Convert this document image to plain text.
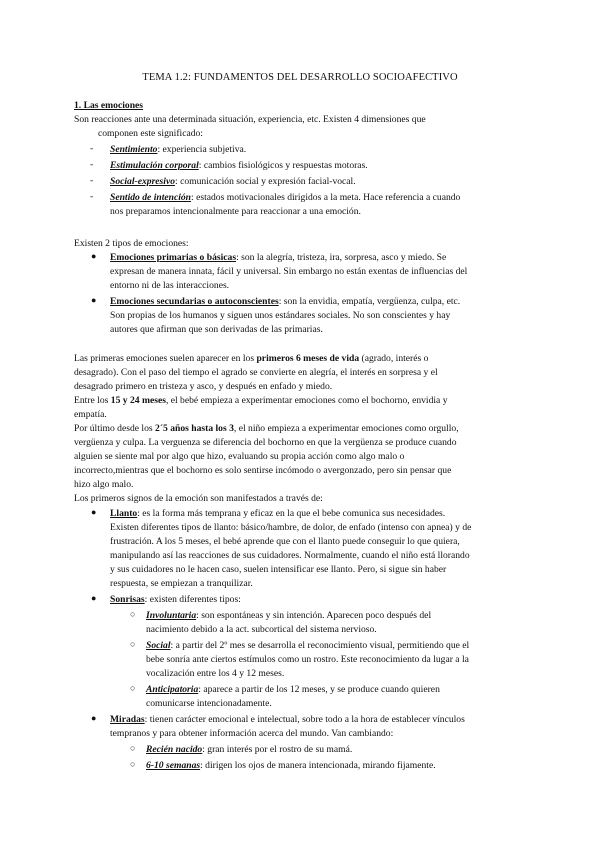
TEMA 1.2: FUNDAMENTOS DEL DESARROLLO SOCIOAFECTIVO
1. Las emociones
Son reacciones ante una determinada situación, experiencia, etc. Existen 4 dimensiones que
componen este significado:
- Sentimiento: experiencia subjetiva.
- Estimulación corporal: cambios fisiológicos y respuestas motoras.
- Social-expresivo: comunicación social y expresión facial-vocal.
- Sentido de intención: estados motivacionales dirigidos a la meta. Hace referencia a cuando
nos preparamos intencionalmente para reaccionar a una emoción.
Existen 2 tipos de emociones:
● Emociones primarias o básicas: son la alegría, tristeza, ira, sorpresa, asco y miedo. Se
expresan de manera innata, fácil y universal. Sin embargo no están exentas de influencias del
entorno ni de las interacciones.
● Emociones secundarias o autoconscientes: son la envidia, empatía, vergüenza, culpa, etc.
Son propias de los humanos y siguen unos estándares sociales. No son conscientes y hay
autores que afirman que son derivadas de las primarias.
Las primeras emociones suelen aparecer en los primeros 6 meses de vida (agrado, interés o
desagrado). Con el paso del tiempo el agrado se convierte en alegría, el interés en sorpresa y el
desagrado primero en tristeza y asco, y después en enfado y miedo.
Entre los 15 y 24 meses, el bebé empieza a experimentar emociones como el bochorno, envidia y
empatía.
Por último desde los 2´5 años hasta los 3, el niño empieza a experimentar emociones como orgullo,
vergüenza y culpa. La verguenza se diferencia del bochorno en que la vergüenza se produce cuando
alguien se siente mal por algo que hizo, evaluando su propia acción como algo malo o
incorrecto,mientras que el bochorno es solo sentirse incómodo o avergonzado, pero sin pensar que
hizo algo malo.
Los primeros signos de la emoción son manifestados a través de:
● Llanto: es la forma más temprana y eficaz en la que el bebe comunica sus necesidades.
Existen diferentes tipos de llanto: básico/hambre, de dolor, de enfado (intenso con apnea) y de
frustración. A los 5 meses, el bebé aprende que con el llanto puede conseguir lo que quiera,
manipulando así las reacciones de sus cuidadores. Normalmente, cuando el niño está llorando
y sus cuidadores no le hacen caso, suelen intensificar ese llanto. Pero, si sigue sin haber
respuesta, se empiezan a tranquilizar.
● Sonrisas: existen diferentes tipos:
○ Involuntaria: son espontáneas y sin intención. Aparecen poco después del
nacimiento debido a la act. subcortical del sistema nervioso.
○ Social: a partir del 2º mes se desarrolla el reconocimiento visual, permitiendo que el
bebe sonría ante ciertos estímulos como un rostro. Este reconocimiento da lugar a la
vocalización entre los 4 y 12 meses.
○ Anticipatoria: aparece a partir de los 12 meses, y se produce cuando quieren
comunicarse intencionadamente.
● Miradas: tienen carácter emocional e intelectual, sobre todo a la hora de establecer vínculos
tempranos y para obtener información acerca del mundo. Van cambiando:
○ Recién nacido: gran interés por el rostro de su mamá.
○ 6-10 semanas: dirigen los ojos de manera intencionada, mirando fijamente.
